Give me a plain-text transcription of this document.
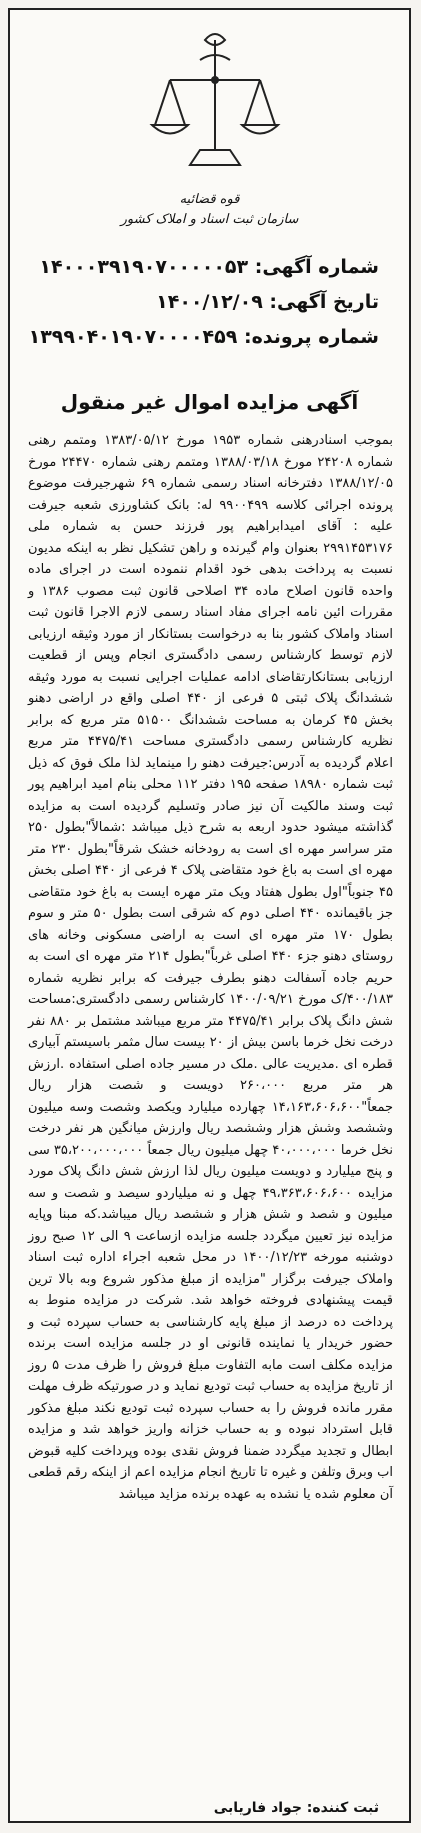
قوه قضائیه
سازمان ثبت اسناد و املاک کشور
شماره آگهی: ۱۴۰۰۰۳۹۱۹۰۷۰۰۰۰۰۵۳
تاریخ آگهی: ۱۴۰۰/۱۲/۰۹
شماره پرونده: ۱۳۹۹۰۴۰۱۹۰۷۰۰۰۰۴۵۹
آگهی مزایده اموال غیر منقول
بموجب اسنادرهنی شماره ۱۹۵۳ مورخ ۱۳۸۳/۰۵/۱۲ ومتمم رهنی شماره ۲۴۲۰۸ مورخ ۱۳۸۸/۰۳/۱۸ ومتمم رهنی شماره ۲۴۴۷۰ مورخ ۱۳۸۸/۱۲/۰۵ دفترخانه اسناد رسمی شماره ۶۹ شهرجیرفت موضوع پرونده اجرائی کلاسه ۹۹۰۰۴۹۹ له: بانک کشاورزی شعبه جیرفت علیه : آقای امیدابراهیم پور فرزند حسن به شماره ملی ۲۹۹۱۴۵۳۱۷۶ بعنوان وام گیرنده و راهن تشکیل نظر به اینکه مدیون نسبت به پرداخت بدهی خود اقدام ننموده است در اجرای ماده واحده قانون اصلاح ماده ۳۴ اصلاحی قانون ثبت مصوب ۱۳۸۶ و مقررات ائین نامه اجرای مفاد اسناد رسمی لازم الاجرا قانون ثبت اسناد واملاک کشور بنا به درخواست بستانکار از مورد وثیقه ارزیابی لازم توسط کارشناس رسمی دادگستری انجام وپس از قطعیت ارزیابی بستانکارتقاضای ادامه عملیات اجرایی نسبت به مورد وثیقه ششدانگ پلاک ثبتی ۵ فرعی از ۴۴۰ اصلی واقع در اراضی دهنو بخش ۴۵ کرمان به مساحت ششدانگ ۵۱۵۰۰ متر مربع که برابر نظریه کارشناس رسمی دادگستری مساحت ۴۴۷۵/۴۱ متر مربع اعلام گردیده به آدرس:جیرفت دهنو را مینماید لذا ملک فوق که ذیل ثبت شماره ۱۸۹۸۰ صفحه ۱۹۵ دفتر ۱۱۲ محلی بنام امید ابراهیم پور ثبت وسند مالکیت آن نیز صادر وتسلیم گردیده است به مزایده گذاشته میشود حدود اربعه به شرح ذیل میباشد :شمالاً"بطول ۲۵۰ متر سراسر مهره ای است به رودخانه خشک شرقاً"بطول ۲۳۰ متر مهره ای است به باغ خود متقاضی پلاک ۴ فرعی از ۴۴۰ اصلی بخش ۴۵ جنوباً"اول بطول هفتاد ویک متر مهره ایست به باغ خود متقاضی جز باقیمانده ۴۴۰ اصلی دوم که شرقی است بطول ۵۰ متر و سوم بطول ۱۷۰ متر مهره ای است به اراضی مسکونی وخانه های روستای دهنو جزء ۴۴۰ اصلی غرباً"بطول ۲۱۴ متر مهره ای است به حریم جاده آسفالت دهنو بطرف جیرفت که برابر نظریه شماره ۴۰۰/۱۸۳/ک مورخ ۱۴۰۰/۰۹/۲۱ کارشناس رسمی دادگستری:مساحت شش دانگ پلاک برابر ۴۴۷۵/۴۱ متر مربع میباشد مشتمل بر ۸۸۰ نفر درخت نخل خرما باسن بیش از ۲۰ بیست سال مثمر باسیستم آبیاری قطره ای .مدیریت عالی .ملک در مسیر جاده اصلی استفاده .ارزش هر متر مربع ۲۶۰،۰۰۰ دویست و شصت هزار ریال جمعاً"۱۴،۱۶۳،۶۰۶،۶۰۰ چهارده میلیارد ویکصد وشصت وسه میلیون وششصد وشش هزار وششصد ریال وارزش میانگین هر نفر درخت نخل خرما ۴۰،۰۰۰،۰۰۰ چهل میلیون ریال جمعاً ۳۵،۲۰۰،۰۰۰،۰۰۰ سی و پنج میلیارد و دویست میلیون ریال لذا ارزش شش دانگ پلاک مورد مزایده ۴۹،۳۶۳،۶۰۶،۶۰۰ چهل و نه میلیاردو سیصد و شصت و سه میلیون و شصد و شش هزار و ششصد ریال میباشد.که مبنا وپایه مزایده نیز تعیین میگردد جلسه مزایده ازساعت ۹ الی ۱۲ صبح روز دوشنبه مورخه ۱۴۰۰/۱۲/۲۳ در محل شعبه اجراء اداره ثبت اسناد واملاک جیرفت برگزار "مزایده از مبلغ مذکور شروع وبه بالا ترین قیمت پیشنهادی فروخته خواهد شد. شرکت در مزایده منوط به پرداخت ده درصد از مبلغ پایه کارشناسی به حساب سپرده ثبت و حضور خریدار یا نماینده قانونی او در جلسه مزایده است برنده مزایده مکلف است مابه التفاوت مبلغ فروش را ظرف مدت ۵ روز از تاریخ مزایده به حساب ثبت تودیع نماید و در صورتیکه ظرف مهلت مقرر مانده فروش را به حساب سپرده ثبت تودیع نکند مبلغ مذکور قابل استرداد نبوده و به حساب خزانه واریز خواهد شد و مزایده ابطال و تجدید میگردد ضمنا فروش نقدی بوده وپرداخت کلیه قبوض اب وبرق وتلفن و غیره تا تاریخ انجام مزایده اعم از اینکه رقم قطعی آن معلوم شده یا نشده به عهده برنده مزاید میباشد
ثبت کننده: جواد فاریابی
